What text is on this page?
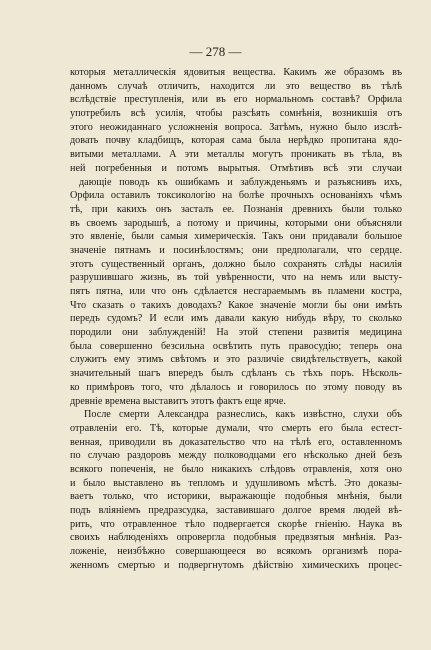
— 278 —
которыя металлическія ядовитыя вещества. Какимъ же образомъ въ
данномъ случаѣ отличить, находится ли это вещество въ тѣлѣ
вслѣдствіе преступленія, или въ его нормальномъ составѣ? Орфила
употребилъ всѣ усилія, чтобы разсѣять сомнѣнія, возникшія отъ
этого неожиданнаго усложненія вопроса. Затѣмъ, нужно было изслѣ-
довать почву кладбищъ, которая сама была нерѣдко пропитана ядо-
витыми металлами. А эти металлы могутъ проникать въ тѣла, въ
ней погребенныя и потомъ вырытыя. Отмѣтивъ всѣ эти случаи
дающіе поводъ къ ошибкамъ и заблужденьямъ и разъяснивъ ихъ,
Орфила оставилъ токсикологію на болѣе прочныхъ основаніяхъ чѣмъ
тѣ, при какихъ онъ засталъ ее. Познанія древнихъ были только
въ своемъ зародышѣ, а потому и причины, которыми они объясняли
это явленіе, были самыя химерическія. Такъ они придавали большое
значеніе пятнамъ и посинѣлостямъ; они предполагали, что сердце.
этотъ существенный органъ, должно было сохранять слѣды насилія
разрушившаго жизнь, въ той увѣренности, что на немъ или высту-
пятъ пятна, или что онъ сдѣлается несгараемымъ въ пламени костра,
Что сказать о такихъ доводахъ? Какое значеніе могли бы они имѣть
передъ судомъ? И если имъ давали какую нибудь вѣру, то сколько
породили они заблужденій! На этой степени развитія медицина
была совершенно безсильна освѣтить путь правосудію; теперь она
служитъ ему этимъ свѣтомъ и это различіе свидѣтельствуетъ, какой
значительный шагъ впередъ былъ сдѣланъ съ тѣхъ поръ. Нѣсколь-
ко примѣровъ того, что дѣлалось и говорилось по этому поводу въ
древніе времена выставитъ этотъ фактъ еще ярче.
После смерти Александра разнеслись, какъ извѣстно, слухи объ
отравленіи его. Тѣ, которые думали, что смерть его была естест-
венная, приводили въ доказательство что на тѣлѣ его, оставленномъ
по случаю раздоровъ между полководцами его нѣсколько дней безъ
всякого попеченія, не было никакихъ слѣдовъ отравленія, хотя оно
и было выставлено въ тепломъ и удушливомъ мѣстѣ. Это доказы-
ваетъ только, что историки, выражающіе подобныя мнѣнія, были
подъ вліяніемъ предразсудка, заставившаго долгое время людей вѣ-
рить, что отравленное тѣло подвергается скорѣе гніенію. Наука въ
своихъ наблюденіяхъ опровергла подобныя предвзятыя мнѣнія. Раз-
ложеніе, неизбѣжно совершающееся во всякомъ организмѣ пора-
женномъ смертью и подвергнутомъ дѣйствію химическихъ процес-
